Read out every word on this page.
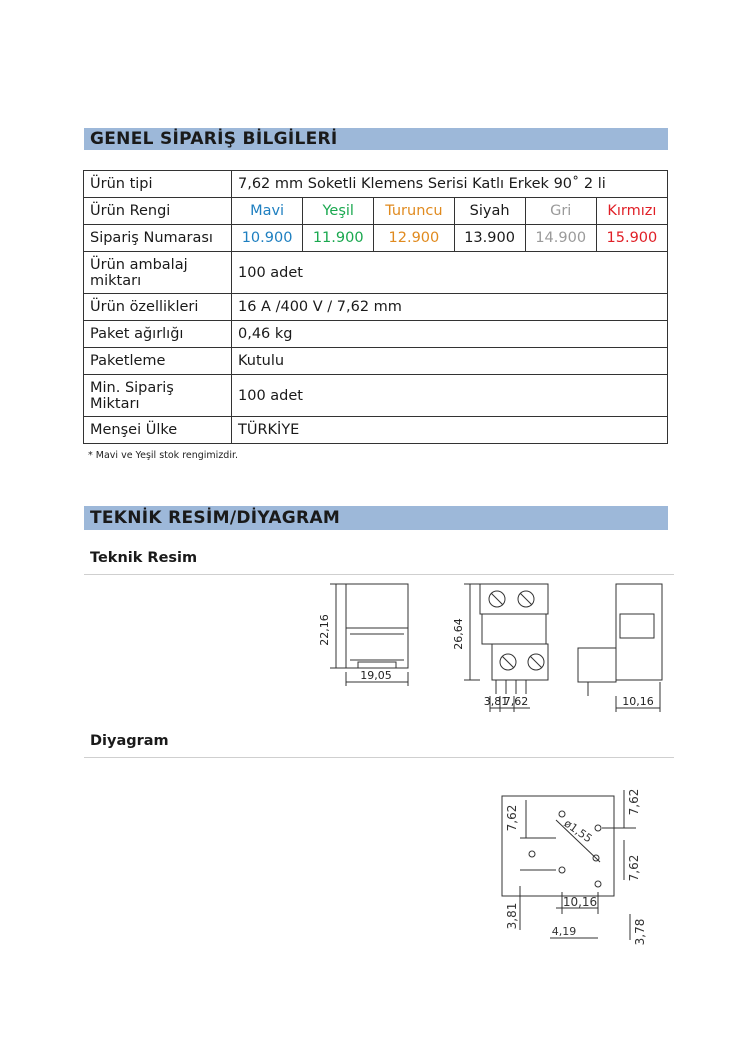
GENEL SİPARİŞ BİLGİLERİ
Ürün tipi	7,62 mm Soketli Klemens Serisi Katlı Erkek 90˚ 2 li					
Ürün Rengi	Mavi	Yeşil	Turuncu	Siyah	Gri	Kırmızı
Sipariş Numarası	10.900	11.900	12.900	13.900	14.900	15.900
Ürün ambalaj
miktarı	100 adet					
Ürün özellikleri	16 A /400 V / 7,62 mm					
Paket ağırlığı	0,46 kg					
Paketleme	Kutulu					
Min. Sipariş
Miktarı	100 adet					
Menşei Ülke	TÜRKİYE					
* Mavi ve Yeşil stok rengimizdir.
TEKNİK RESİM/DİYAGRAM
Teknik Resim
22,16
19,05
26,64
3,81
7,62	10,16
Diyagram
7,62
7,62
ø1,55
7,62
3,81
10,16
4,19	3,78
